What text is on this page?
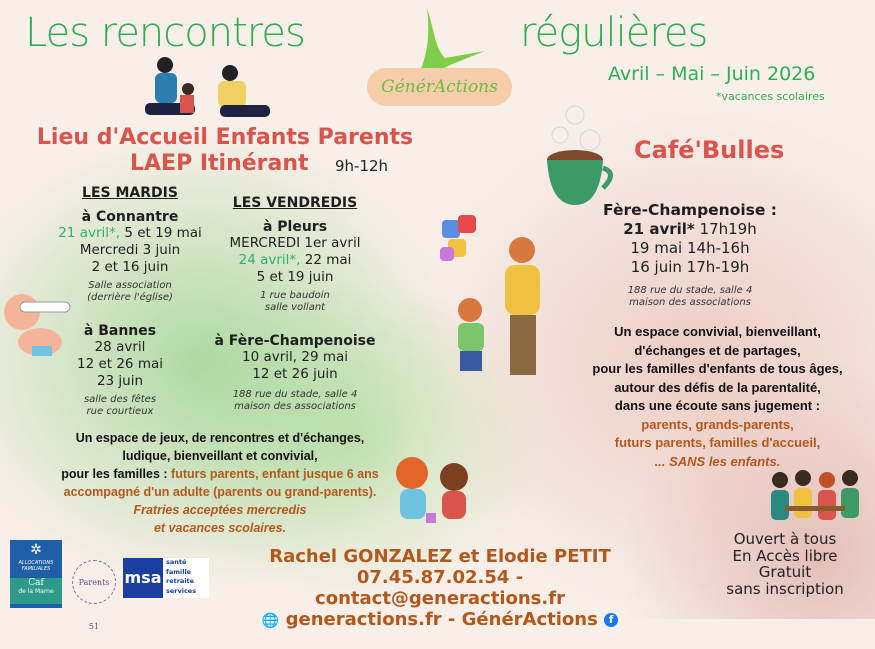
Les rencontres	régulières
Avril – Mai – Juin 2026
*vacances scolaires
GénérActions
Lieu d'Accueil Enfants Parents
LAEP Itinérant 9h-12h
LES MARDIS
à Connantre
21 avril*, 5 et 19 mai
Mercredi 3 juin
2 et 16 juin
Salle association
(derrière l'église)
à Bannes
28 avril
12 et 26 mai
23 juin
salle des fêtes
rue courtieux
LES VENDREDIS
à Pleurs
MERCREDI 1er avril
24 avril*, 22 mai
5 et 19 juin
1 rue baudoin
salle vollant
à Fère-Champenoise
10 avril, 29 mai
12 et 26 juin
188 rue du stade, salle 4
maison des associations
Un espace de jeux, de rencontres et d'échanges,
ludique, bienveillant et convivial,
pour les familles : futurs parents, enfant jusque 6 ans
accompagné d'un adulte (parents ou grand-parents).
Fratries acceptées mercredis
et vacances scolaires.
Café'Bulles
Fère-Champenoise :
21 avril* 17h19h
19 mai 14h-16h
16 juin 17h-19h
188 rue du stade, salle 4
maison des associations
Un espace convivial, bienveillant,
d'échanges et de partages,
pour les familles d'enfants de tous âges,
autour des défis de la parentalité,
dans une écoute sans jugement :
parents, grands-parents,
futurs parents, familles d'accueil,
... SANS les enfants.
Ouvert à tous
En Accès libre
Gratuit
sans inscription
Rachel GONZALEZ et Elodie PETIT
07.45.87.02.54 - contact@generactions.fr
🌐 generactions.fr - GénérActions f
✲
ALLOCATIONS FAMILIALES
Caf
de la Marne
Parents 51
msa
santé
famille
retraite
services
